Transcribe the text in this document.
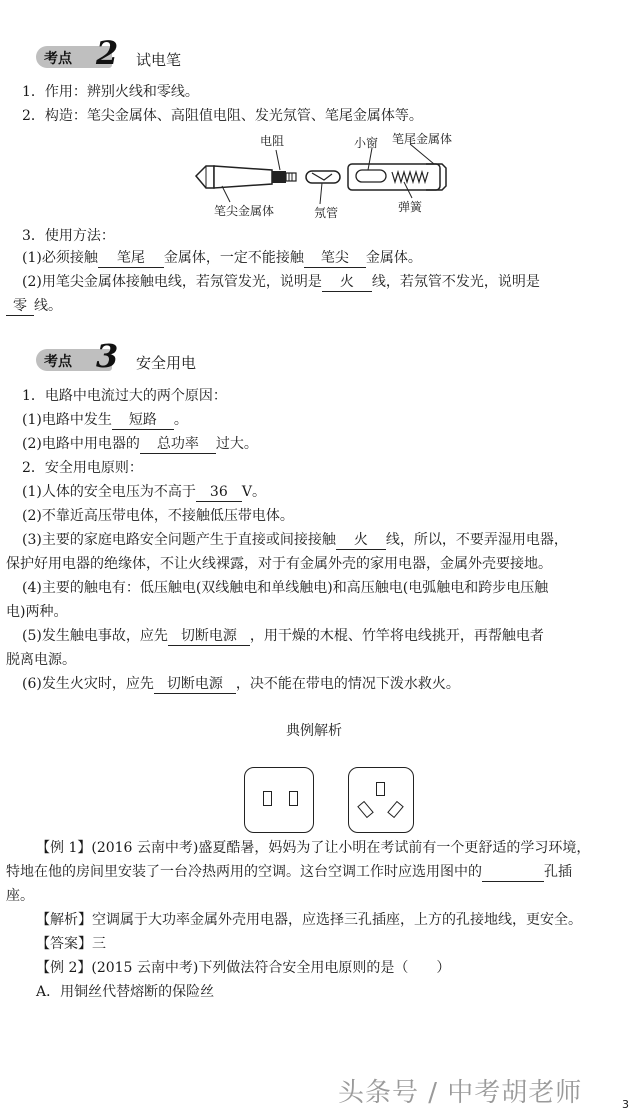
考点 2 试电笔
1．作用：辨别火线和零线。
2．构造：笔尖金属体、高阻值电阻、发光氖管、笔尾金属体等。
电阻	小窗 笔尾金属体
笔尖金属体	氖管	弹簧
3．使用方法：
(1)必须接触 笔尾 金属体，一定不能接触 笔尖 金属体。
(2)用笔尖金属体接触电线，若氖管发光，说明是 火 线，若氖管不发光，说明是
零 线。
考点 3 安全用电
1．电路中电流过大的两个原因：
(1)电路中发生 短路 。
(2)电路中用电器的 总功率 过大。
2．安全用电原则：
(1)人体的安全电压为不高于 36 V。
(2)不靠近高压带电体，不接触低压带电体。
(3)主要的家庭电路安全问题产生于直接或间接接触 火 线，所以，不要弄湿用电器，
保护好用电器的绝缘体，不让火线裸露，对于有金属外壳的家用电器，金属外壳要接地。
(4)主要的触电有：低压触电(双线触电和单线触电)和高压触电(电弧触电和跨步电压触
电)两种。
(5)发生触电事故，应先 切断电源 ，用干燥的木棍、竹竿将电线挑开，再帮触电者
脱离电源。
(6)发生火灾时，应先 切断电源 ，决不能在带电的情况下泼水救火。
典例解析
【例 1】(2016 云南中考)盛夏酷暑，妈妈为了让小明在考试前有一个更舒适的学习环境，
特地在他的房间里安装了一台冷热两用的空调。这台空调工作时应选用图中的	孔插
座。
【解析】空调属于大功率金属外壳用电器，应选择三孔插座，上方的孔接地线，更安全。
【答案】三
【例 2】(2015 云南中考)下列做法符合安全用电原则的是（　　）
A．用铜丝代替熔断的保险丝
头条号 / 中考胡老师	3
